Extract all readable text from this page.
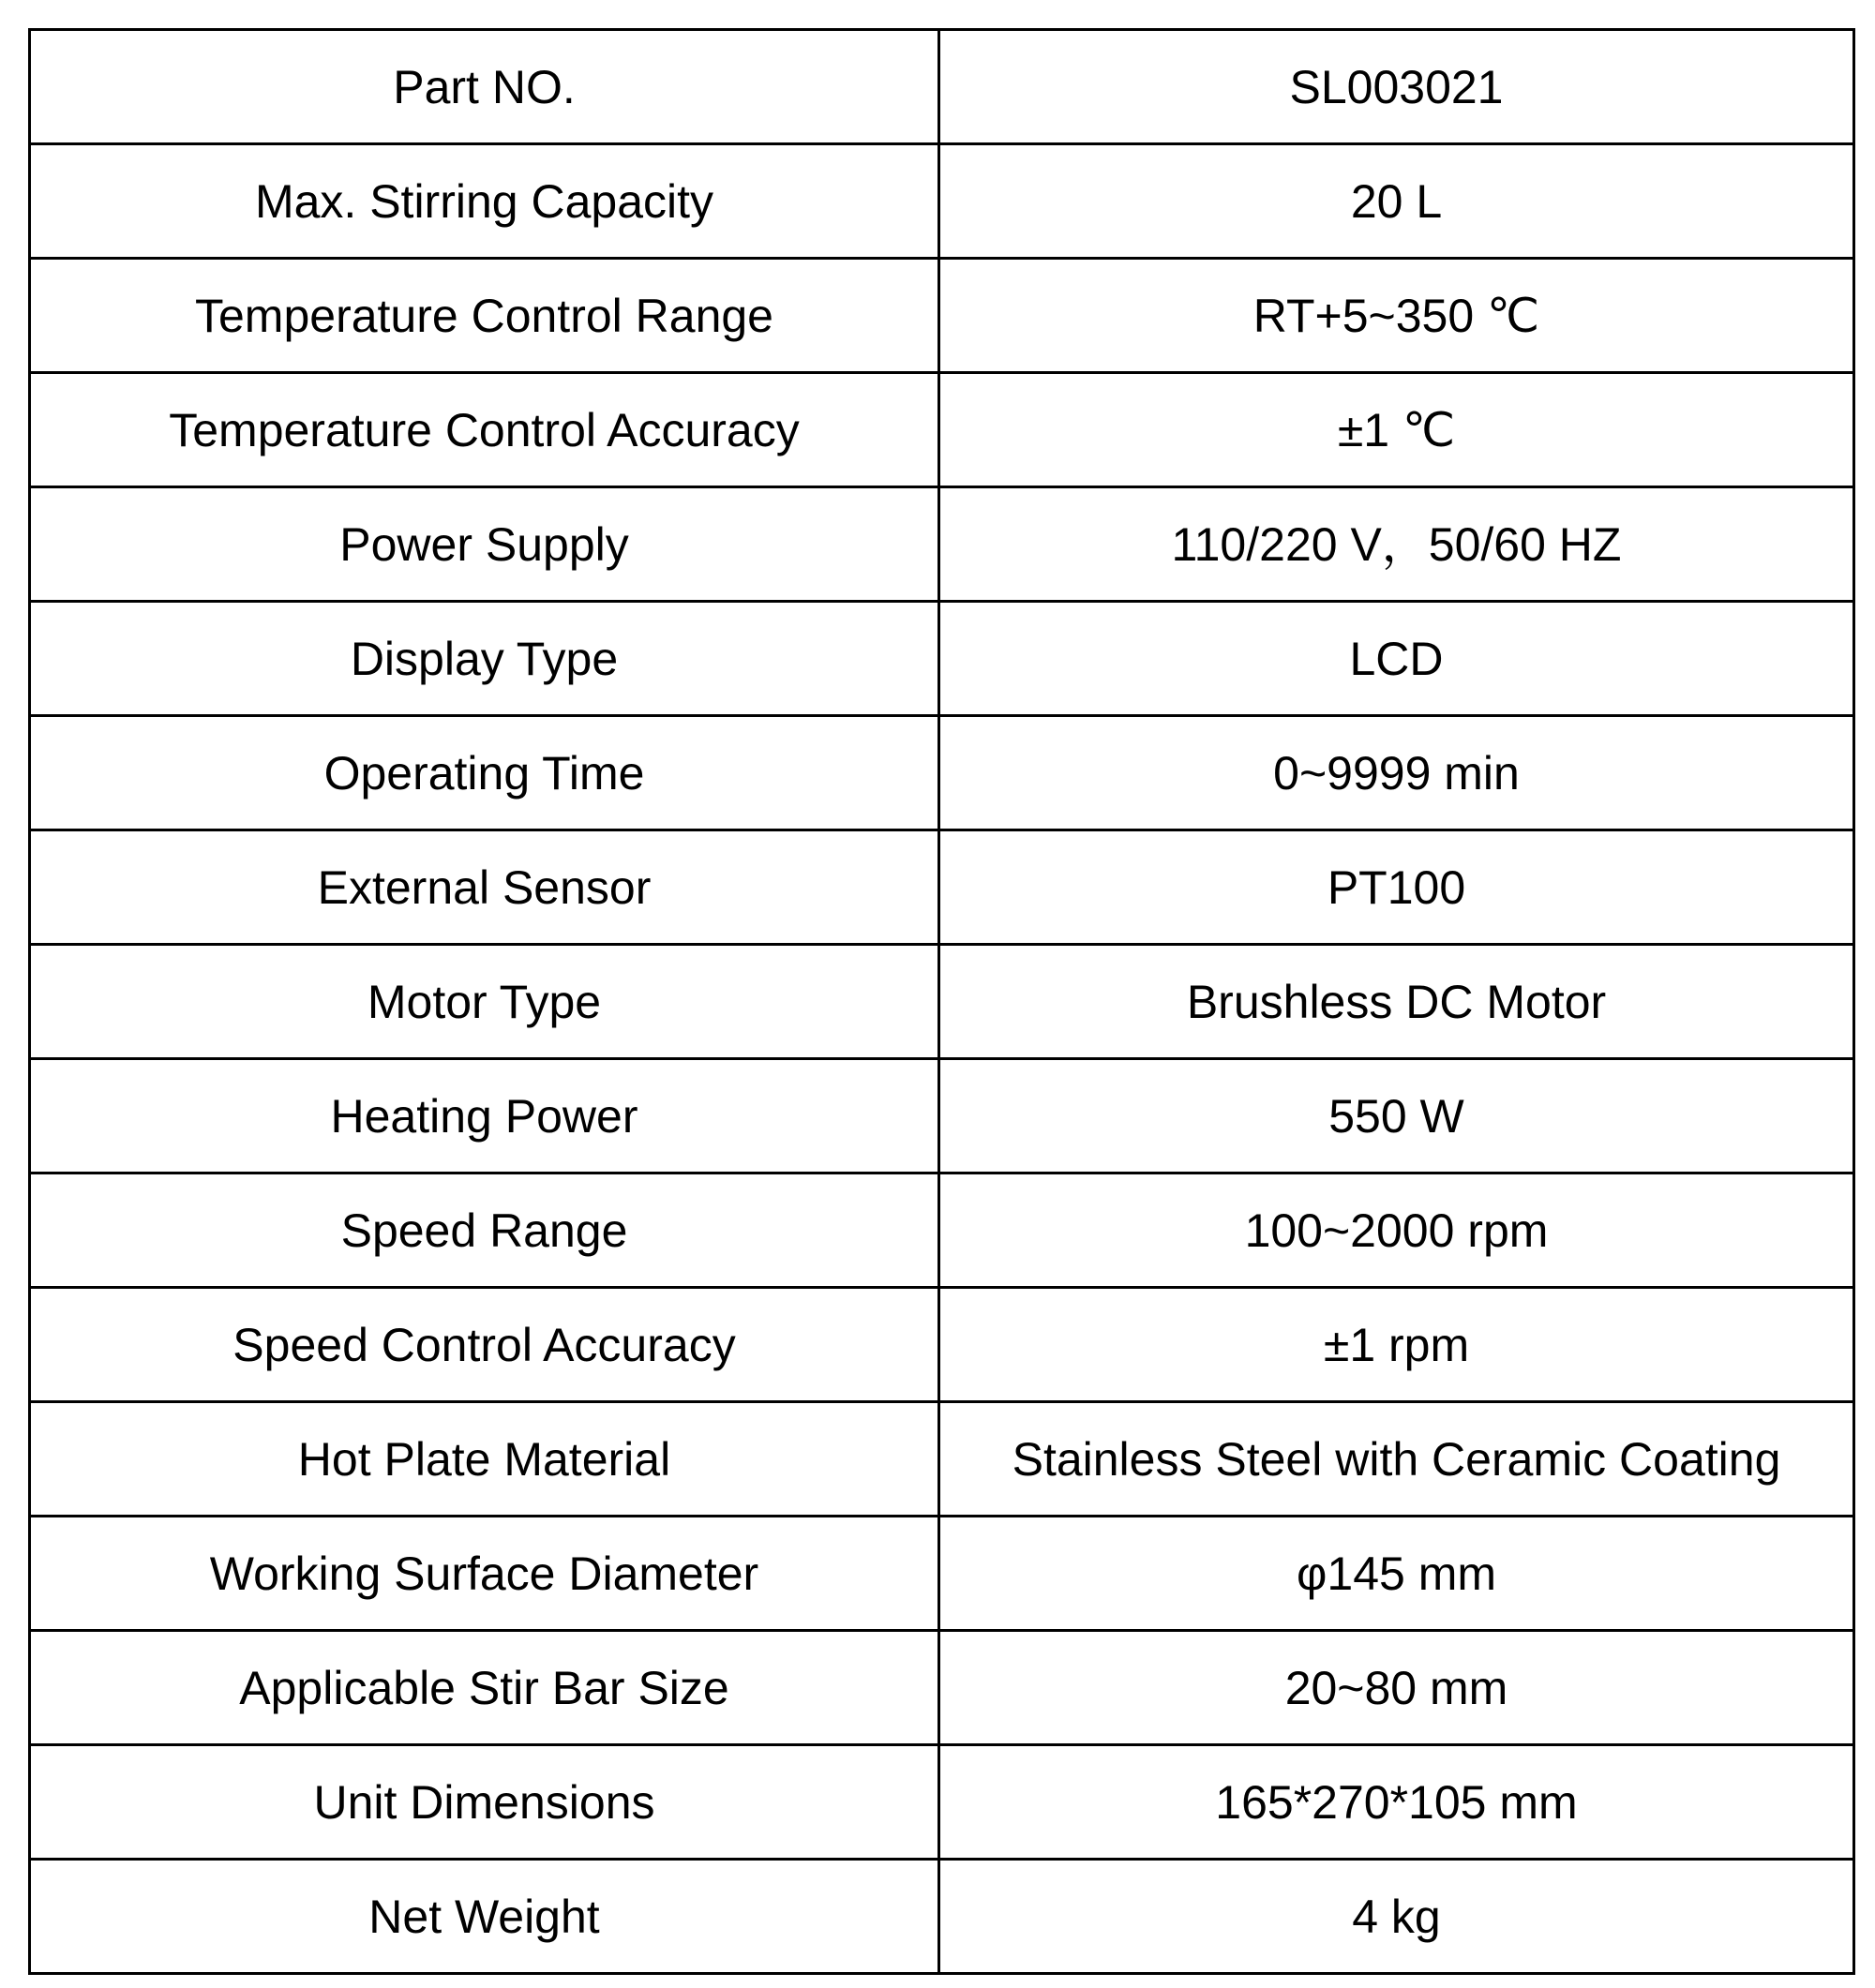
Part NO.	SL003021
Max. Stirring Capacity	20 L
Temperature Control Range	RT+5~350 ℃
Temperature Control Accuracy	±1 ℃
Power Supply	110/220 V，50/60 HZ
Display Type	LCD
Operating Time	0~9999 min
External Sensor	PT100
Motor Type	Brushless DC Motor
Heating Power	550 W
Speed Range	100~2000 rpm
Speed Control Accuracy	±1 rpm
Hot Plate Material	Stainless Steel with Ceramic Coating
Working Surface Diameter	φ145 mm
Applicable Stir Bar Size	20~80 mm
Unit Dimensions	165*270*105 mm
Net Weight	4 kg
